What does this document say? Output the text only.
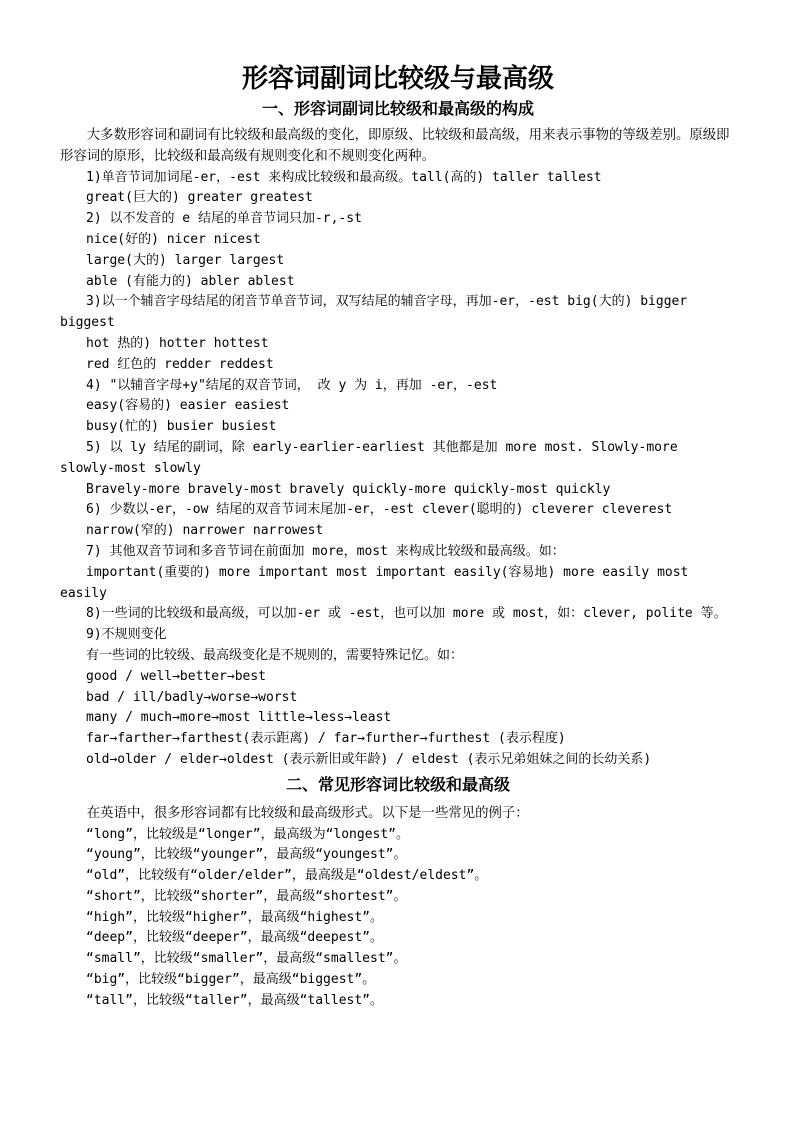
形容词副词比较级与最高级
一、形容词副词比较级和最高级的构成

大多数形容词和副词有比较级和最高级的变化，即原级、比较级和最高级，用来表示事物的等级差别。原级即形容词的原形，比较级和最高级有规则变化和不规则变化两种。

1)单音节词加词尾-er，-est 来构成比较级和最高级。tall(高的) taller tallest

great(巨大的) greater greatest

2) 以不发音的 e 结尾的单音节词只加-r,-st

nice(好的) nicer nicest

large(大的) larger largest

able (有能力的) abler ablest

3)以一个辅音字母结尾的闭音节单音节词，双写结尾的辅音字母，再加-er，-est big(大的) bigger biggest

hot 热的) hotter hottest

red 红色的 redder reddest

4) "以辅音字母+y"结尾的双音节词， 改 y 为 i，再加 -er，-est

easy(容易的) easier easiest

busy(忙的) busier busiest

5) 以 ly 结尾的副词，除 early-earlier-earliest 其他都是加 more most. Slowly-more slowly-most slowly

Bravely-more bravely-most bravely quickly-more quickly-most quickly

6) 少数以-er，-ow 结尾的双音节词末尾加-er，-est clever(聪明的) cleverer cleverest

narrow(窄的) narrower narrowest

7) 其他双音节词和多音节词在前面加 more，most 来构成比较级和最高级。如：

important(重要的) more important most important easily(容易地) more easily most easily

8)一些词的比较级和最高级，可以加-er 或 -est，也可以加 more 或 most，如：clever, polite 等。

9)不规则变化

有一些词的比较级、最高级变化是不规则的，需要特殊记忆。如：

good / well→better→best

bad / ill/badly→worse→worst

many / much→more→most little→less→least

far→farther→farthest(表示距离) / far→further→furthest (表示程度)

old→older / elder→oldest (表示新旧或年龄) / eldest (表示兄弟姐妹之间的长幼关系)

二、常见形容词比较级和最高级

在英语中，很多形容词都有比较级和最高级形式。以下是一些常见的例子：

“long”，比较级是“longer”，最高级为“longest”。

“young”，比较级“younger”，最高级“youngest”。

“old”，比较级有“older/elder”，最高级是“oldest/eldest”。

“short”，比较级“shorter”，最高级“shortest”。

“high”，比较级“higher”，最高级“highest”。

“deep”，比较级“deeper”，最高级“deepest”。

“small”，比较级“smaller”，最高级“smallest”。

“big”，比较级“bigger”，最高级“biggest”。

“tall”，比较级“taller”，最高级“tallest”。
